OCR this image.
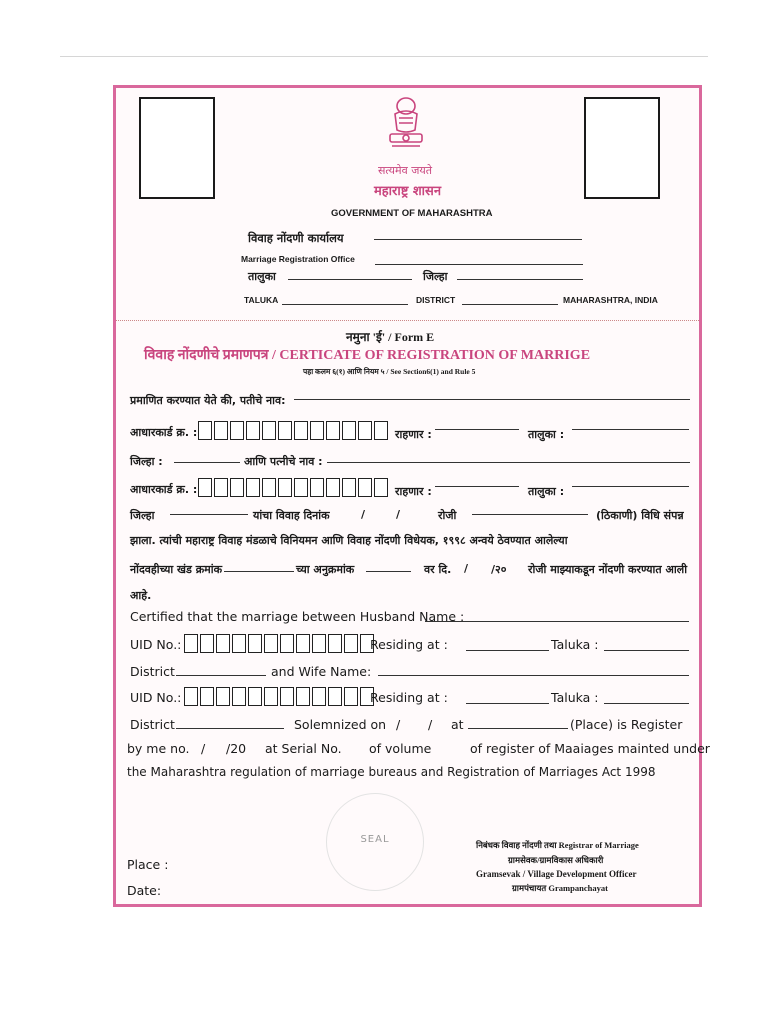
सत्यमेव जयते
महाराष्ट्र शासन
GOVERNMENT OF MAHARASHTRA
विवाह नोंदणी कार्यालय
Marriage Registration Office
तालुका	जिल्हा
TALUKA	DISTRICT	MAHARASHTRA, INDIA
नमुना 'ई' / Form E
विवाह नोंदणीचे प्रमाणपत्र / CERTICATE OF REGISTRATION OF MARRIGE
पहा कलम ६(१) आणि नियम ५ / See Section6(1) and Rule 5
प्रमाणित करण्यात येते की, पतीचे नाव:
आधारकार्ड क्र. :	राहणार :	तालुका :
जिल्हा :	आणि पत्नीचे नाव :
आधारकार्ड क्र. :	राहणार :	तालुका :
जिल्हा	यांचा विवाह दिनांक	/	/	रोजी	(ठिकाणी) विधि संपन्न
झाला. त्यांची महाराष्ट्र विवाह मंडळाचे विनियमन आणि विवाह नोंदणी विधेयक, १९९८ अन्वये ठेवण्यात आलेल्या
नोंदवहीच्या खंड क्रमांक	च्या अनुक्रमांक	वर दि. / /२० रोजी माझ्याकडून नोंदणी करण्यात आली
आहे.
Certified that the marriage between Husband Name :
UID No.:	Residing at :	Taluka :
District	and Wife Name:
UID No.:	Residing at :	Taluka :
District	Solemnized on / / at	(Place) is Register
by me no. / /20 at Serial No. of volume	of register of Maaiages mainted under
the Maharashtra regulation of marriage bureaus and Registration of Marriages Act 1998
SEAL
Place :
Date:
निबंधक विवाह नोंदणी तथा Registrar of Marriage
ग्रामसेवक/ग्रामविकास अधिकारी
Gramsevak / Village Development Officer
ग्रामपंचायत Grampanchayat
